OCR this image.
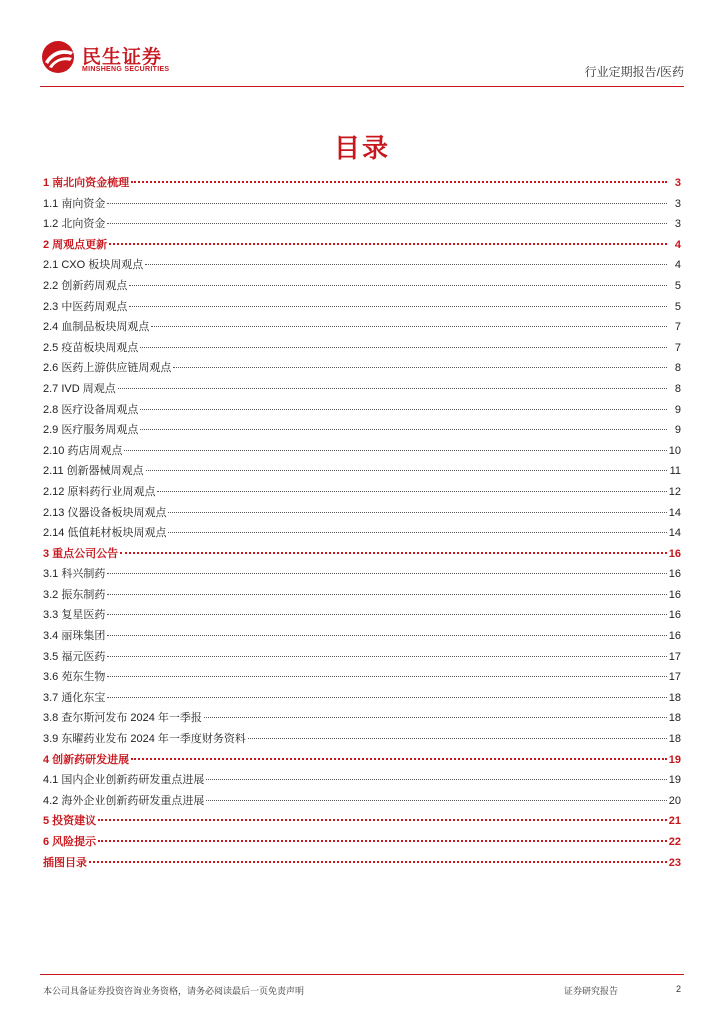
民生证券
MINSHENG SECURITIES	行业定期报告/医药
目录
1 南北向资金梳理	3
1.1 南向资金	3
1.2 北向资金	3
2 周观点更新	4
2.1 CXO 板块周观点	4
2.2 创新药周观点	5
2.3 中医药周观点	5
2.4 血制品板块周观点	7
2.5 疫苗板块周观点	7
2.6 医药上游供应链周观点	8
2.7 IVD 周观点	8
2.8 医疗设备周观点	9
2.9 医疗服务周观点	9
2.10 药店周观点	10
2.11 创新器械周观点	11
2.12 原料药行业周观点	12
2.13 仪器设备板块周观点	14
2.14 低值耗材板块周观点	14
3 重点公司公告	16
3.1 科兴制药	16
3.2 振东制药	16
3.3 复星医药	16
3.4 丽珠集团	16
3.5 福元医药	17
3.6 苑东生物	17
3.7 通化东宝	18
3.8 查尔斯河发布 2024 年一季报	18
3.9 东曜药业发布 2024 年一季度财务资料	18
4 创新药研发进展	19
4.1 国内企业创新药研发重点进展	19
4.2 海外企业创新药研发重点进展	20
5 投资建议	21
6 风险提示	22
插图目录	23
本公司具备证券投资咨询业务资格，请务必阅读最后一页免责声明	证券研究报告	2
